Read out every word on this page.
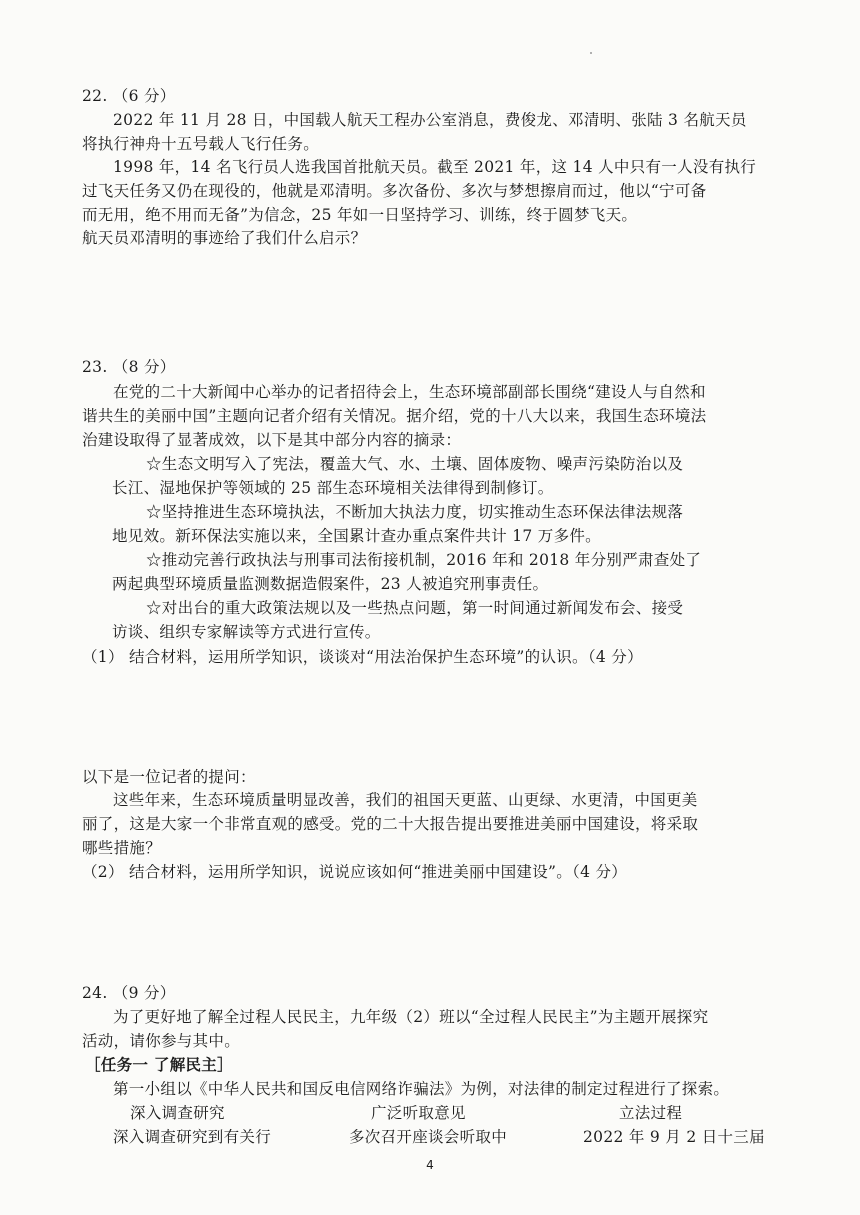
22. （6 分）
2022 年 11 月 28 日，中国载人航天工程办公室消息，费俊龙、邓清明、张陆 3 名航天员
将执行神舟十五号载人飞行任务。
1998 年，14 名飞行员人选我国首批航天员。截至 2021 年，这 14 人中只有一人没有执行
过飞天任务又仍在现役的，他就是邓清明。多次备份、多次与梦想擦肩而过，他以“宁可备
而无用，绝不用而无备”为信念，25 年如一日坚持学习、训练，终于圆梦飞天。
航天员邓清明的事迹给了我们什么启示？
23. （8 分）
在党的二十大新闻中心举办的记者招待会上，生态环境部副部长围绕“建设人与自然和
谐共生的美丽中国”主题向记者介绍有关情况。据介绍，党的十八大以来，我国生态环境法
治建设取得了显著成效，以下是其中部分内容的摘录：
☆生态文明写入了宪法，覆盖大气、水、土壤、固体废物、噪声污染防治以及
长江、湿地保护等领域的 25 部生态环境相关法律得到制修订。
☆坚持推进生态环境执法，不断加大执法力度，切实推动生态环保法律法规落
地见效。新环保法实施以来，全国累计查办重点案件共计 17 万多件。
☆推动完善行政执法与刑事司法衔接机制，2016 年和 2018 年分别严肃查处了
两起典型环境质量监测数据造假案件，23 人被追究刑事责任。
☆对出台的重大政策法规以及一些热点问题，第一时间通过新闻发布会、接受
访谈、组织专家解读等方式进行宣传。
（1） 结合材料，运用所学知识，谈谈对“用法治保护生态环境”的认识。（4 分）
以下是一位记者的提问：
这些年来，生态环境质量明显改善，我们的祖国天更蓝、山更绿、水更清，中国更美
丽了，这是大家一个非常直观的感受。党的二十大报告提出要推进美丽中国建设，将采取
哪些措施？
（2） 结合材料，运用所学知识，说说应该如何“推进美丽中国建设”。（4 分）
24. （9 分）
为了更好地了解全过程人民民主，九年级（2）班以“全过程人民民主”为主题开展探究
活动，请你参与其中。
［任务一 了解民主］
第一小组以《中华人民共和国反电信网络诈骗法》为例，对法律的制定过程进行了探索。
深入调查研究	广泛听取意见	立法过程
深入调查研究到有关行	多次召开座谈会听取中	2022 年 9 月 2 日十三届
4
